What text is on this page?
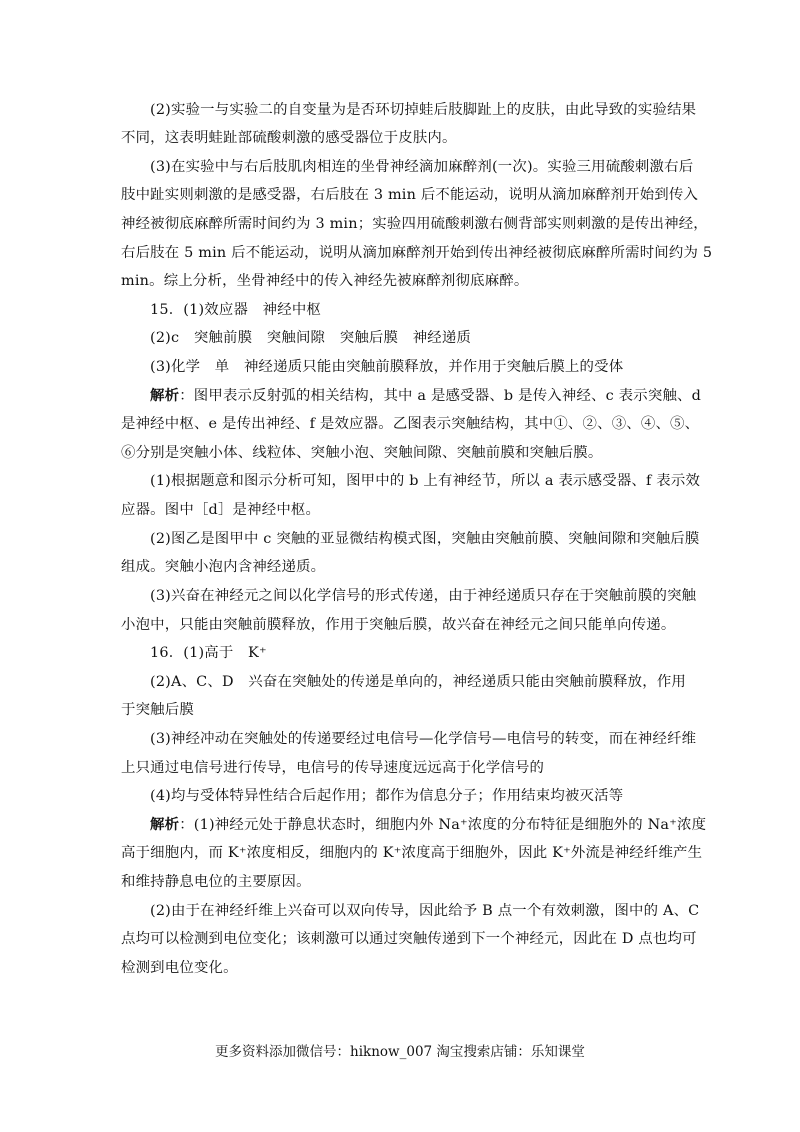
(2)实验一与实验二的自变量为是否环切掉蛙后肢脚趾上的皮肤，由此导致的实验结果
不同，这表明蛙趾部硫酸刺激的感受器位于皮肤内。
(3)在实验中与右后肢肌肉相连的坐骨神经滴加麻醉剂(一次)。实验三用硫酸刺激右后
肢中趾实则刺激的是感受器，右后肢在 3 min 后不能运动，说明从滴加麻醉剂开始到传入
神经被彻底麻醉所需时间约为 3 min；实验四用硫酸刺激右侧背部实则刺激的是传出神经，
右后肢在 5 min 后不能运动，说明从滴加麻醉剂开始到传出神经被彻底麻醉所需时间约为 5
min。综上分析，坐骨神经中的传入神经先被麻醉剂彻底麻醉。
15．(1)效应器　神经中枢
(2)c　突触前膜　突触间隙　突触后膜　神经递质
(3)化学　单　神经递质只能由突触前膜释放，并作用于突触后膜上的受体
解析：图甲表示反射弧的相关结构，其中 a 是感受器、b 是传入神经、c 表示突触、d
是神经中枢、e 是传出神经、f 是效应器。乙图表示突触结构，其中①、②、③、④、⑤、
⑥分别是突触小体、线粒体、突触小泡、突触间隙、突触前膜和突触后膜。
(1)根据题意和图示分析可知，图甲中的 b 上有神经节，所以 a 表示感受器、f 表示效
应器。图中［d］是神经中枢。
(2)图乙是图甲中 c 突触的亚显微结构模式图，突触由突触前膜、突触间隙和突触后膜
组成。突触小泡内含神经递质。
(3)兴奋在神经元之间以化学信号的形式传递，由于神经递质只存在于突触前膜的突触
小泡中，只能由突触前膜释放，作用于突触后膜，故兴奋在神经元之间只能单向传递。
16．(1)高于　K⁺
(2)A、C、D　兴奋在突触处的传递是单向的，神经递质只能由突触前膜释放，作用
于突触后膜
(3)神经冲动在突触处的传递要经过电信号—化学信号—电信号的转变，而在神经纤维
上只通过电信号进行传导，电信号的传导速度远远高于化学信号的
(4)均与受体特异性结合后起作用；都作为信息分子；作用结束均被灭活等
解析：(1)神经元处于静息状态时，细胞内外 Na⁺浓度的分布特征是细胞外的 Na⁺浓度
高于细胞内，而 K⁺浓度相反，细胞内的 K⁺浓度高于细胞外，因此 K⁺外流是神经纤维产生
和维持静息电位的主要原因。
(2)由于在神经纤维上兴奋可以双向传导，因此给予 B 点一个有效刺激，图中的 A、C
点均可以检测到电位变化；该刺激可以通过突触传递到下一个神经元，因此在 D 点也均可
检测到电位变化。
更多资料添加微信号：hiknow_007 淘宝搜索店铺：乐知课堂
